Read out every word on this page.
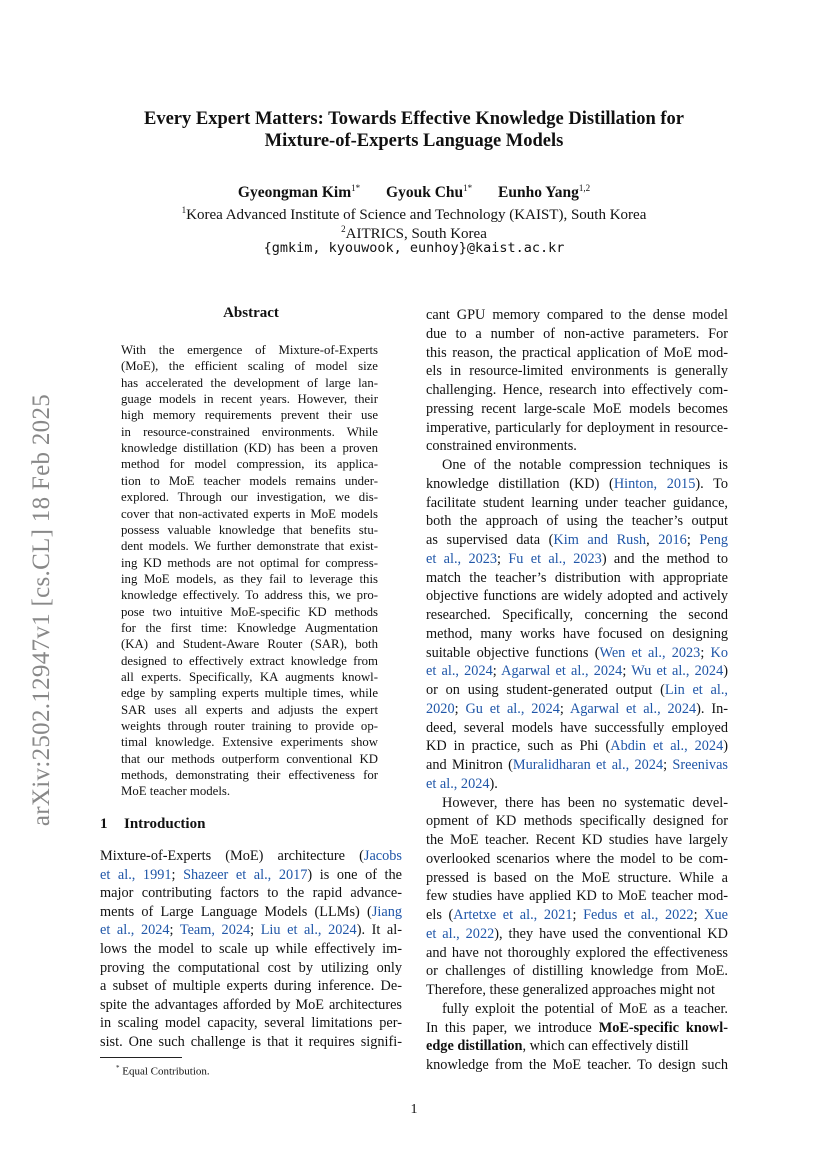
arXiv:2502.12947v1 [cs.CL] 18 Feb 2025
Every Expert Matters: Towards Effective Knowledge Distillation for
Mixture-of-Experts Language Models
Gyeongman Kim$^{1*}$ Gyouk Chu$^{1*}$ Eunho Yang$^{1,2}$
$^1$Korea Advanced Institute of Science and Technology (KAIST), South Korea
$^2$AITRICS, South Korea
{gmkim, kyouwook, eunhoy}@kaist.ac.kr
Abstract
With the emergence of Mixture-of-Experts
(MoE), the efficient scaling of model size
has accelerated the development of large lan-
guage models in recent years. However, their
high memory requirements prevent their use
in resource-constrained environments. While
knowledge distillation (KD) has been a proven
method for model compression, its applica-
tion to MoE teacher models remains under-
explored. Through our investigation, we dis-
cover that non-activated experts in MoE models
possess valuable knowledge that benefits stu-
dent models. We further demonstrate that exist-
ing KD methods are not optimal for compress-
ing MoE models, as they fail to leverage this
knowledge effectively. To address this, we pro-
pose two intuitive MoE-specific KD methods
for the first time: Knowledge Augmentation
(KA) and Student-Aware Router (SAR), both
designed to effectively extract knowledge from
all experts. Specifically, KA augments knowl-
edge by sampling experts multiple times, while
SAR uses all experts and adjusts the expert
weights through router training to provide op-
timal knowledge. Extensive experiments show
that our methods outperform conventional KD
methods, demonstrating their effectiveness for
MoE teacher models.
1 Introduction
Mixture-of-Experts (MoE) architecture (Jacobs
et al., 1991; Shazeer et al., 2017) is one of the
major contributing factors to the rapid advance-
ments of Large Language Models (LLMs) (Jiang
et al., 2024; Team, 2024; Liu et al., 2024). It al-
lows the model to scale up while effectively im-
proving the computational cost by utilizing only
a subset of multiple experts during inference. De-
spite the advantages afforded by MoE architectures
in scaling model capacity, several limitations per-
sist. One such challenge is that it requires signifi-
cant GPU memory compared to the dense model
due to a number of non-active parameters. For
this reason, the practical application of MoE mod-
els in resource-limited environments is generally
challenging. Hence, research into effectively com-
pressing recent large-scale MoE models becomes
imperative, particularly for deployment in resource-
constrained environments.
One of the notable compression techniques is
knowledge distillation (KD) (Hinton, 2015). To
facilitate student learning under teacher guidance,
both the approach of using the teacher’s output
as supervised data (Kim and Rush, 2016; Peng
et al., 2023; Fu et al., 2023) and the method to
match the teacher’s distribution with appropriate
objective functions are widely adopted and actively
researched. Specifically, concerning the second
method, many works have focused on designing
suitable objective functions (Wen et al., 2023; Ko
et al., 2024; Agarwal et al., 2024; Wu et al., 2024)
or on using student-generated output (Lin et al.,
2020; Gu et al., 2024; Agarwal et al., 2024). In-
deed, several models have successfully employed
KD in practice, such as Phi (Abdin et al., 2024)
and Minitron (Muralidharan et al., 2024; Sreenivas
et al., 2024).
However, there has been no systematic devel-
opment of KD methods specifically designed for
the MoE teacher. Recent KD studies have largely
overlooked scenarios where the model to be com-
pressed is based on the MoE structure. While a
few studies have applied KD to MoE teacher mod-
els (Artetxe et al., 2021; Fedus et al., 2022; Xue
et al., 2022), they have used the conventional KD
and have not thoroughly explored the effectiveness
or challenges of distilling knowledge from MoE.
Therefore, these generalized approaches might not
fully exploit the potential of MoE as a teacher.
In this paper, we introduce MoE-specific knowl-
edge distillation, which can effectively distill
knowledge from the MoE teacher. To design such
* Equal Contribution.
1
